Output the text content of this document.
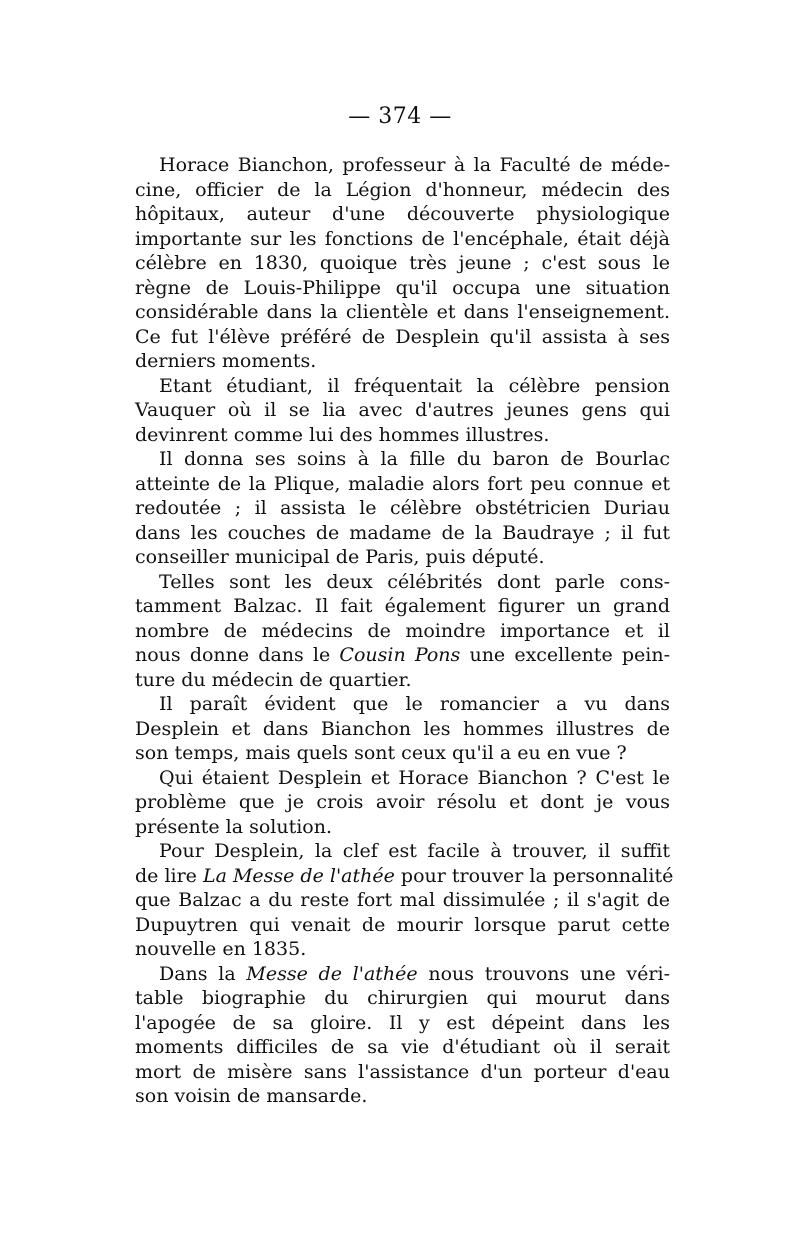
— 374 —

Horace Bianchon, professeur à la Faculté de méde-
cine, officier de la Légion d'honneur, médecin des
hôpitaux, auteur d'une découverte physiologique
importante sur les fonctions de l'encéphale, était déjà
célèbre en 1830, quoique très jeune ; c'est sous le
règne de Louis-Philippe qu'il occupa une situation
considérable dans la clientèle et dans l'enseignement.
Ce fut l'élève préféré de Desplein qu'il assista à ses
derniers moments.

Etant étudiant, il fréquentait la célèbre pension
Vauquer où il se lia avec d'autres jeunes gens qui
devinrent comme lui des hommes illustres.

Il donna ses soins à la fille du baron de Bourlac
atteinte de la Plique, maladie alors fort peu connue et
redoutée ; il assista le célèbre obstétricien Duriau
dans les couches de madame de la Baudraye ; il fut
conseiller municipal de Paris, puis député.

Telles sont les deux célébrités dont parle cons-
tamment Balzac. Il fait également figurer un grand
nombre de médecins de moindre importance et il
nous donne dans le Cousin Pons une excellente pein-
ture du médecin de quartier.

Il paraît évident que le romancier a vu dans
Desplein et dans Bianchon les hommes illustres de
son temps, mais quels sont ceux qu'il a eu en vue ?

Qui étaient Desplein et Horace Bianchon ? C'est le
problème que je crois avoir résolu et dont je vous
présente la solution.

Pour Desplein, la clef est facile à trouver, il suffit
de lire La Messe de l'athée pour trouver la personnalité
que Balzac a du reste fort mal dissimulée ; il s'agit de
Dupuytren qui venait de mourir lorsque parut cette
nouvelle en 1835.

Dans la Messe de l'athée nous trouvons une véri-
table biographie du chirurgien qui mourut dans
l'apogée de sa gloire. Il y est dépeint dans les
moments difficiles de sa vie d'étudiant où il serait
mort de misère sans l'assistance d'un porteur d'eau
son voisin de mansarde.
